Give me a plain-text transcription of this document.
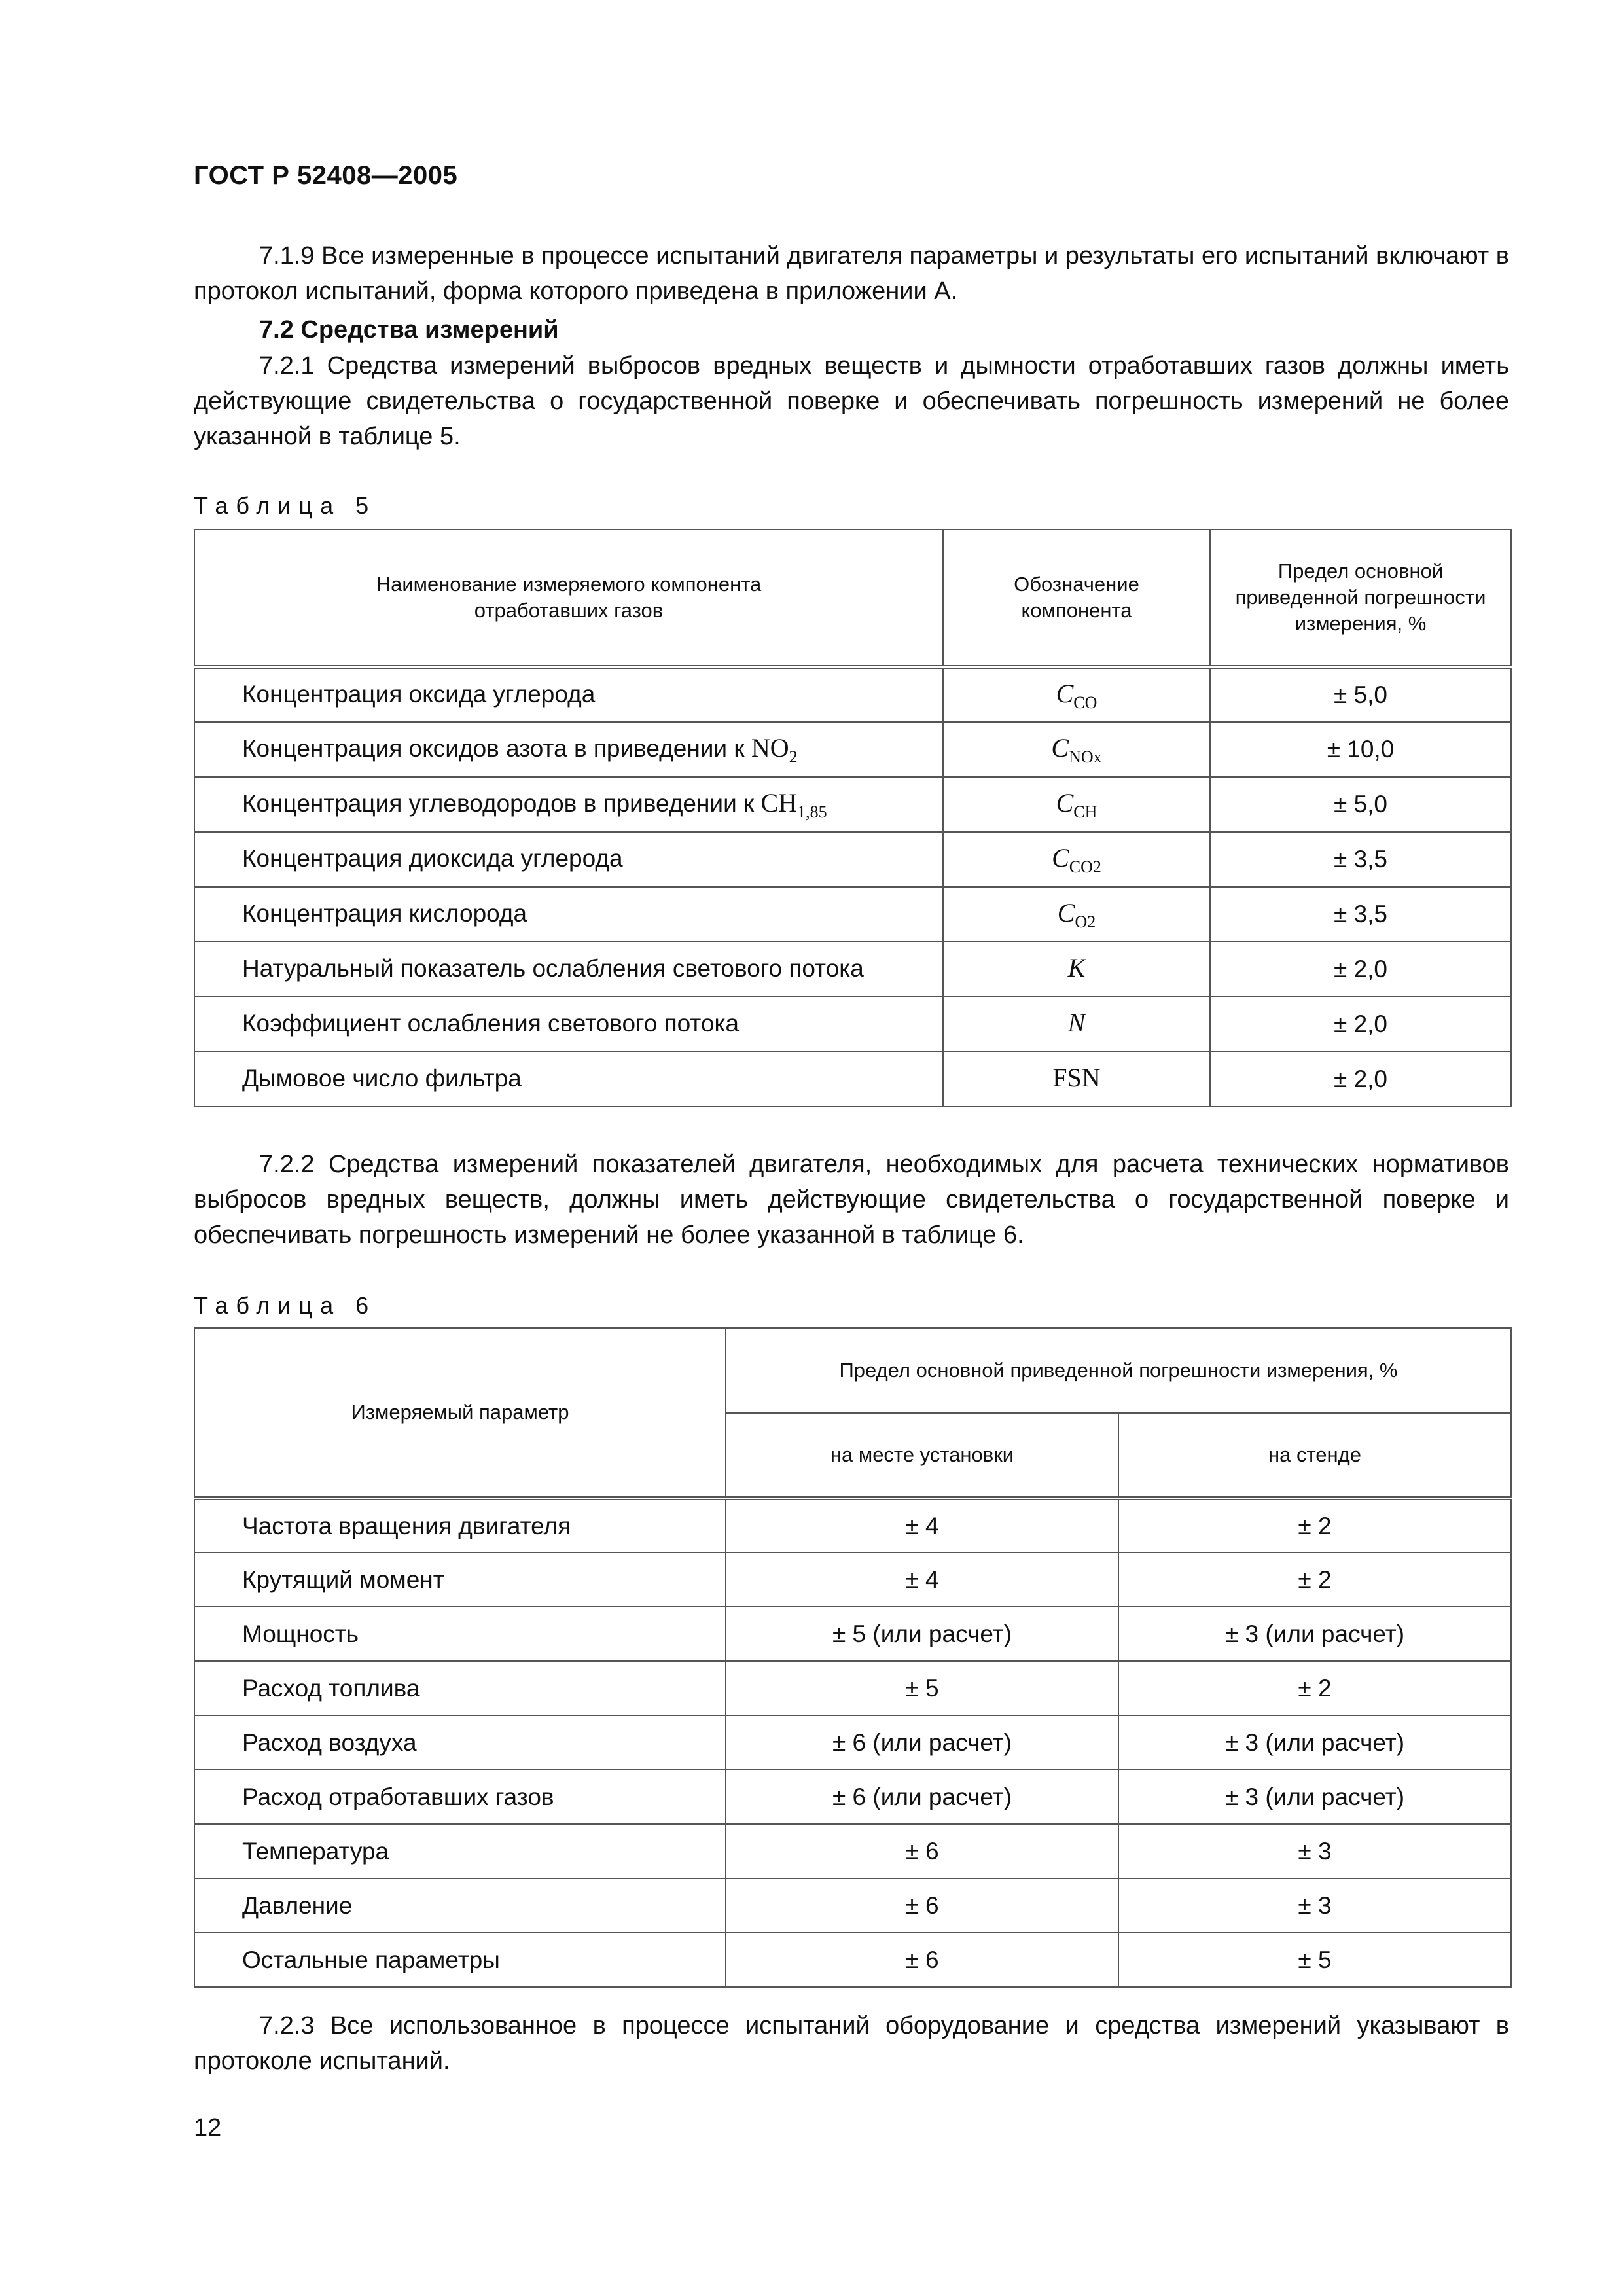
ГОСТ Р 52408—2005

7.1.9 Все измеренные в процессе испытаний двигателя параметры и результаты его испытаний включают в протокол испытаний, форма которого приведена в приложении А.

7.2 Средства измерений

7.2.1 Средства измерений выбросов вредных веществ и дымности отработавших газов должны иметь действующие свидетельства о государственной поверке и обеспечивать погрешность измерений не более указанной в таблице 5.

Таблица 5
Наименование измеряемого компонента отработавших газов	Обозначение компонента	Предел основной приведенной погрешности измерения, %

Концентрация оксида углерода	$C_{CO}$	± 5,0
Концентрация оксидов азота в приведении к $NO_2$	$C_{NOx}$	± 10,0
Концентрация углеводородов в приведении к $CH_{1,85}$	$C_{CH}$	± 5,0
Концентрация диоксида углерода	$C_{CO2}$	± 3,5
Концентрация кислорода	$C_{O2}$	± 3,5
Натуральный показатель ослабления светового потока	K	± 2,0
Коэффициент ослабления светового потока	N	± 2,0
Дымовое число фильтра	FSN	± 2,0

7.2.2 Средства измерений показателей двигателя, необходимых для расчета технических нормативов выбросов вредных веществ, должны иметь действующие свидетельства о государственной поверке и обеспечивать погрешность измерений не более указанной в таблице 6.

Таблица 6
Измеряемый параметр	Предел основной приведенной погрешности измерения, %	
	на месте установки	на стенде
Частота вращения двигателя	± 4	± 2
Крутящий момент	± 4	± 2
Мощность	± 5 (или расчет)	± 3 (или расчет)
Расход топлива	± 5	± 2
Расход воздуха	± 6 (или расчет)	± 3 (или расчет)
Расход отработавших газов	± 6 (или расчет)	± 3 (или расчет)
Температура	± 6	± 3
Давление	± 6	± 3
Остальные параметры	± 6	± 5

7.2.3 Все использованное в процессе испытаний оборудование и средства измерений указывают в протоколе испытаний.

12
